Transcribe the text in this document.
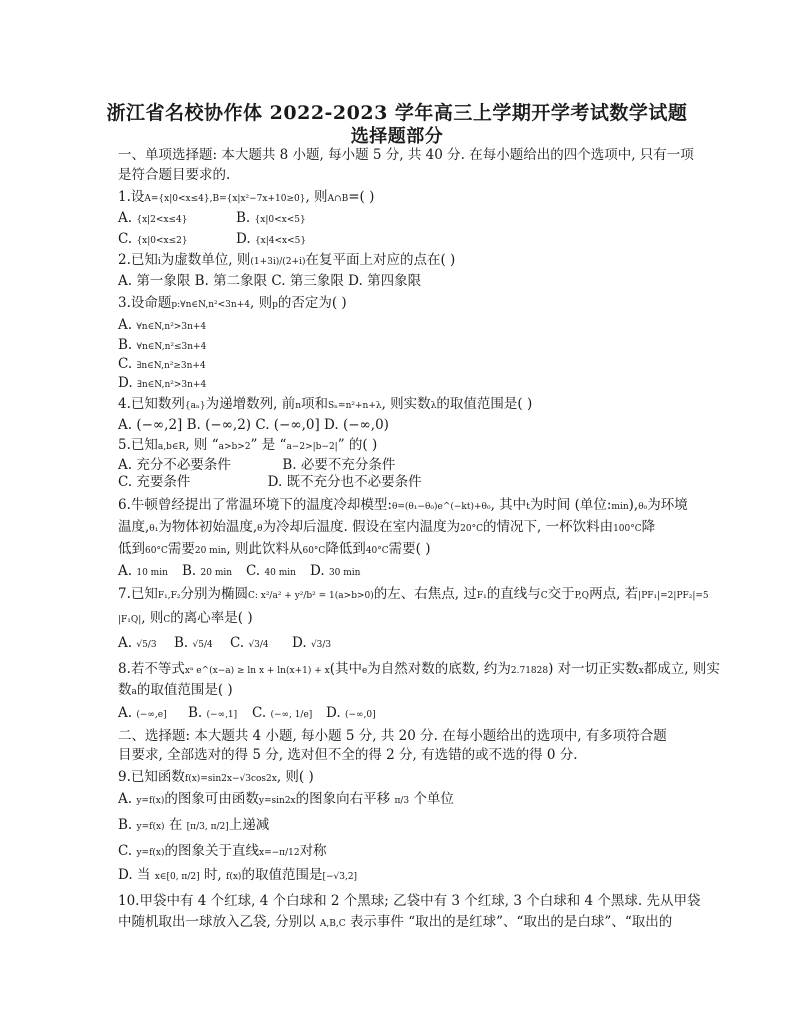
浙江省名校协作体 2022-2023 学年高三上学期开学考试数学试题
选择题部分
一、单项选择题: 本大题共 8 小题, 每小题 5 分, 共 40 分. 在每小题给出的四个选项中, 只有一项
是符合题目要求的.
1.设A={x|0<x≤4},B={x|x²−7x+10≥0}, 则A∩B=( )
A. {x|2<x≤4}	B. {x|0<x<5}
C. {x|0<x≤2}	D. {x|4<x<5}
2.已知i为虚数单位, 则(1+3i)/(2+i)在复平面上对应的点在( )
A. 第一象限 B. 第二象限 C. 第三象限 D. 第四象限
3.设命题p:∀n∈N,n²<3n+4, 则p的否定为( )
A. ∀n∈N,n²>3n+4
B. ∀n∈N,n²≤3n+4
C. ∃n∈N,n²≥3n+4
D. ∃n∈N,n²>3n+4
4.已知数列{aₙ}为递增数列, 前n项和Sₙ=n²+n+λ, 则实数λ的取值范围是( )
A. (−∞,2] B. (−∞,2) C. (−∞,0] D. (−∞,0)
5.已知a,b∈R, 则 “a>b>2” 是 “a−2>|b−2|” 的( )
A. 充分不必要条件            B. 必要不充分条件
C. 充要条件                  D. 既不充分也不必要条件
6.牛顿曾经提出了常温环境下的温度冷却模型:θ=(θ₁−θ₀)e^(−kt)+θ₀, 其中t为时间 (单位:min),θ₀为环境
温度,θ₁为物体初始温度,θ为冷却后温度. 假设在室内温度为20°C的情况下, 一杯饮料由100°C降
低到60°C需要20 min, 则此饮料从60°C降低到40°C需要( )
A. 10 min B. 20 min C. 40 min D. 30 min
7.已知F₁,F₂分别为椭圆C: x²/a² + y²/b² = 1(a>b>0)的左、右焦点, 过F₁的直线与C交于P,Q两点, 若|PF₁|=2|PF₂|=5
|F₁Q|, 则C的离心率是( )
A. √5/3 B. √5/4 C. √3/4 D. √3/3
8.若不等式xᵃ e^(x−a) ≥ ln x + ln(x+1) + x(其中e为自然对数的底数, 约为2.71828) 对一切正实数x都成立, 则实
数a的取值范围是( )
A. (−∞,e] B. (−∞,1] C. (−∞, 1/e] D. (−∞,0]
二、选择题: 本大题共 4 小题, 每小题 5 分, 共 20 分. 在每小题给出的选项中, 有多项符合题
目要求, 全部选对的得 5 分, 选对但不全的得 2 分, 有选错的或不选的得 0 分.
9.已知函数f(x)=sin2x−√3cos2x, 则( )
A. y=f(x)的图象可由函数y=sin2x的图象向右平移 π/3 个单位
B. y=f(x) 在 [π/3, π/2]上递减
C. y=f(x)的图象关于直线x=−π/12对称
D. 当 x∈[0, π/2] 时, f(x)的取值范围是[−√3,2]
10.甲袋中有 4 个红球, 4 个白球和 2 个黑球; 乙袋中有 3 个红球, 3 个白球和 4 个黑球. 先从甲袋
中随机取出一球放入乙袋, 分别以 A,B,C 表示事件 “取出的是红球”、“取出的是白球”、“取出的
